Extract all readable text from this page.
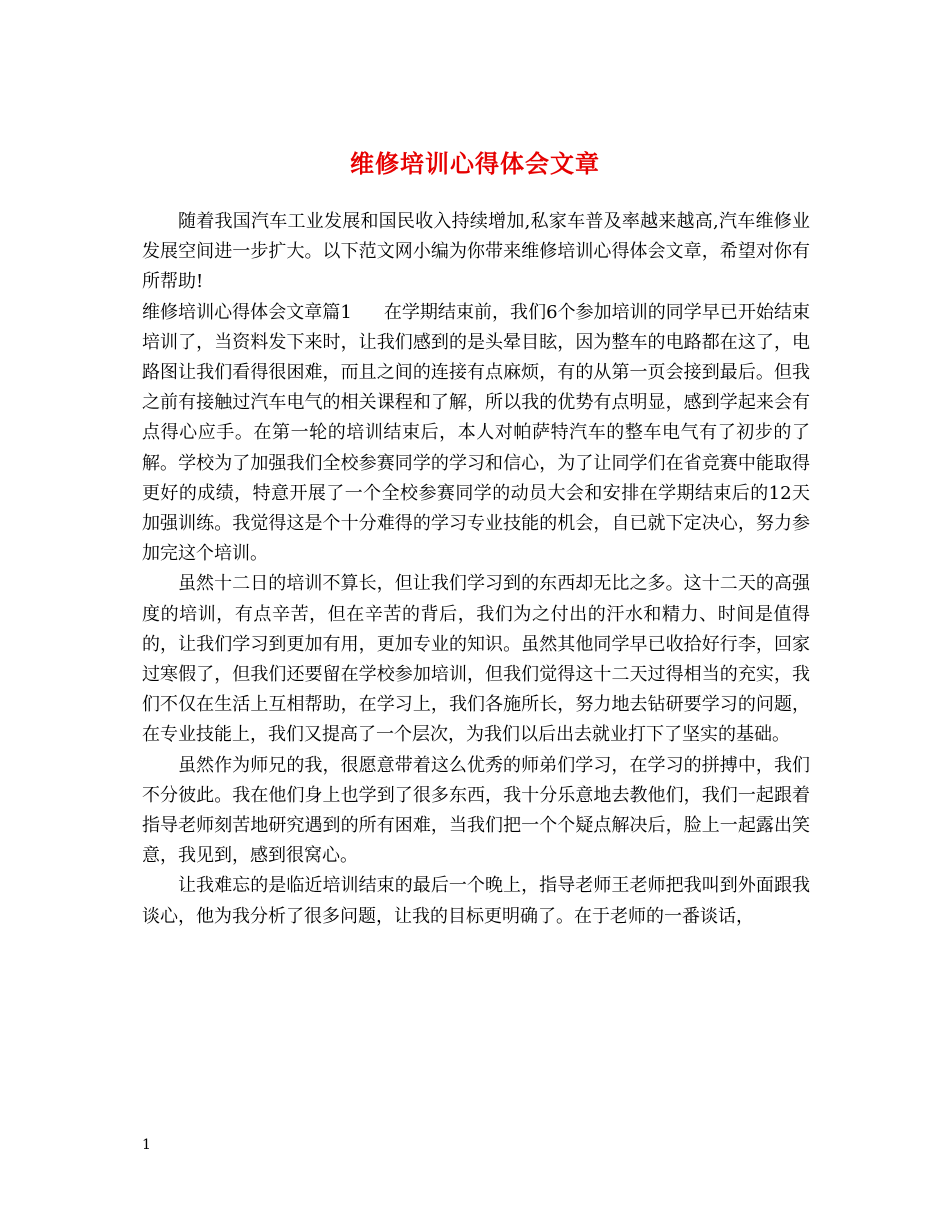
维修培训心得体会文章

随着我国汽车工业发展和国民收入持续增加,私家车普及率越来越高,汽车维修业发展空间进一步扩大。以下范文网小编为你带来维修培训心得体会文章，希望对你有所帮助!

维修培训心得体会文章篇1 在学期结束前，我们6个参加培训的同学早已开始结束培训了，当资料发下来时，让我们感到的是头晕目眩，因为整车的电路都在这了，电路图让我们看得很困难，而且之间的连接有点麻烦，有的从第一页会接到最后。但我之前有接触过汽车电气的相关课程和了解，所以我的优势有点明显，感到学起来会有点得心应手。在第一轮的培训结束后，本人对帕萨特汽车的整车电气有了初步的了解。学校为了加强我们全校参赛同学的学习和信心，为了让同学们在省竞赛中能取得更好的成绩，特意开展了一个全校参赛同学的动员大会和安排在学期结束后的12天加强训练。我觉得这是个十分难得的学习专业技能的机会，自已就下定决心，努力参加完这个培训。

虽然十二日的培训不算长，但让我们学习到的东西却无比之多。这十二天的高强度的培训，有点辛苦，但在辛苦的背后，我们为之付出的汗水和精力、时间是值得的，让我们学习到更加有用，更加专业的知识。虽然其他同学早已收拾好行李，回家过寒假了，但我们还要留在学校参加培训，但我们觉得这十二天过得相当的充实，我们不仅在生活上互相帮助，在学习上，我们各施所长，努力地去钻研要学习的问题，在专业技能上，我们又提高了一个层次，为我们以后出去就业打下了坚实的基础。

虽然作为师兄的我，很愿意带着这么优秀的师弟们学习，在学习的拼搏中，我们不分彼此。我在他们身上也学到了很多东西，我十分乐意地去教他们，我们一起跟着指导老师刻苦地研究遇到的所有困难，当我们把一个个疑点解决后，脸上一起露出笑意，我见到，感到很窝心。

让我难忘的是临近培训结束的最后一个晚上，指导老师王老师把我叫到外面跟我谈心，他为我分析了很多问题，让我的目标更明确了。在于老师的一番谈话，

1
